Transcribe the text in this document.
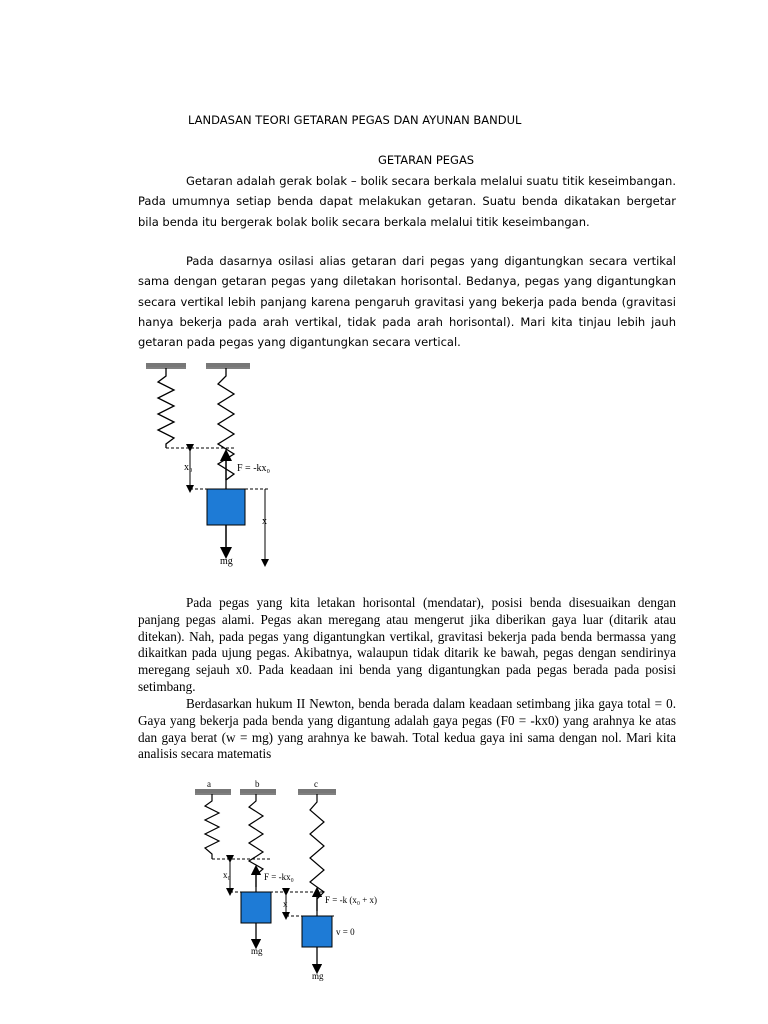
LANDASAN TEORI GETARAN PEGAS DAN AYUNAN BANDUL
GETARAN PEGAS

Getaran adalah gerak bolak – bolik secara berkala melalui suatu titik keseimbangan. Pada umumnya setiap benda dapat melakukan getaran. Suatu benda dikatakan bergetar bila benda itu bergerak bolak bolik secara berkala melalui titik keseimbangan.

Pada dasarnya osilasi alias getaran dari pegas yang digantungkan secara vertikal sama dengan getaran pegas yang diletakan horisontal. Bedanya, pegas yang digantungkan secara vertikal lebih panjang karena pengaruh gravitasi yang bekerja pada benda (gravitasi hanya bekerja pada arah vertikal, tidak pada arah horisontal). Mari kita tinjau lebih jauh getaran pada pegas yang digantungkan secara vertical.

x₀	F = -kx₀
mg
x

Pada pegas yang kita letakan horisontal (mendatar), posisi benda disesuaikan dengan panjang pegas alami. Pegas akan meregang atau mengerut jika diberikan gaya luar (ditarik atau ditekan). Nah, pada pegas yang digantungkan vertikal, gravitasi bekerja pada benda bermassa yang dikaitkan pada ujung pegas. Akibatnya, walaupun tidak ditarik ke bawah, pegas dengan sendirinya meregang sejauh x0. Pada keadaan ini benda yang digantungkan pada pegas berada pada posisi setimbang.

Berdasarkan hukum II Newton, benda berada dalam keadaan setimbang jika gaya total = 0. Gaya yang bekerja pada benda yang digantung adalah gaya pegas (F0 = -kx0) yang arahnya ke atas dan gaya berat (w = mg) yang arahnya ke bawah. Total kedua gaya ini sama dengan nol. Mari kita analisis secara matematis

a	b	c
x₀	F = -kx₀
mg
x	F = -k (x₀ + x)
v = 0
mg
